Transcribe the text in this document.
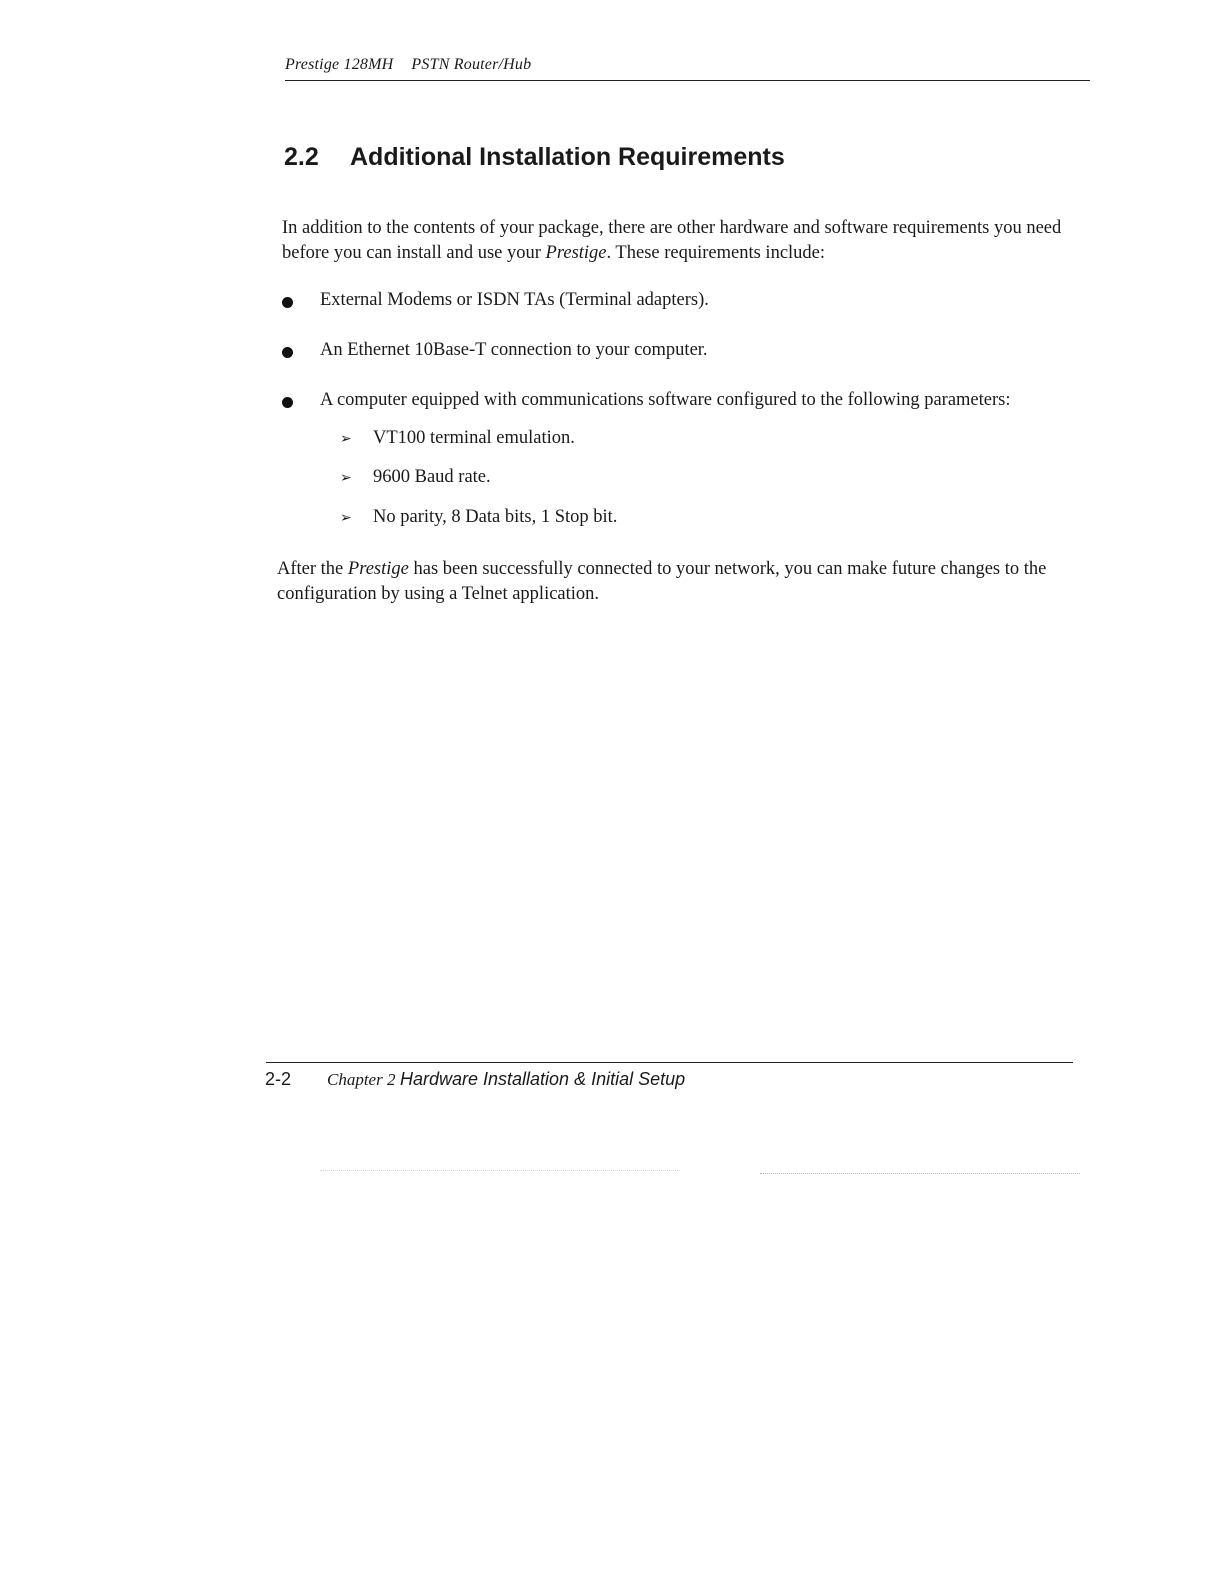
Prestige 128MH PSTN Router/Hub
2.2 Additional Installation Requirements

In addition to the contents of your package, there are other hardware and software requirements you need before you can install and use your Prestige. These requirements include:

External Modems or ISDN TAs (Terminal adapters).
An Ethernet 10Base-T connection to your computer.
A computer equipped with communications software configured to the following parameters:
➢ VT100 terminal emulation.
➢ 9600 Baud rate.
➢ No parity, 8 Data bits, 1 Stop bit.

After the Prestige has been successfully connected to your network, you can make future changes to the configuration by using a Telnet application.

2-2 Chapter 2 Hardware Installation & Initial Setup
